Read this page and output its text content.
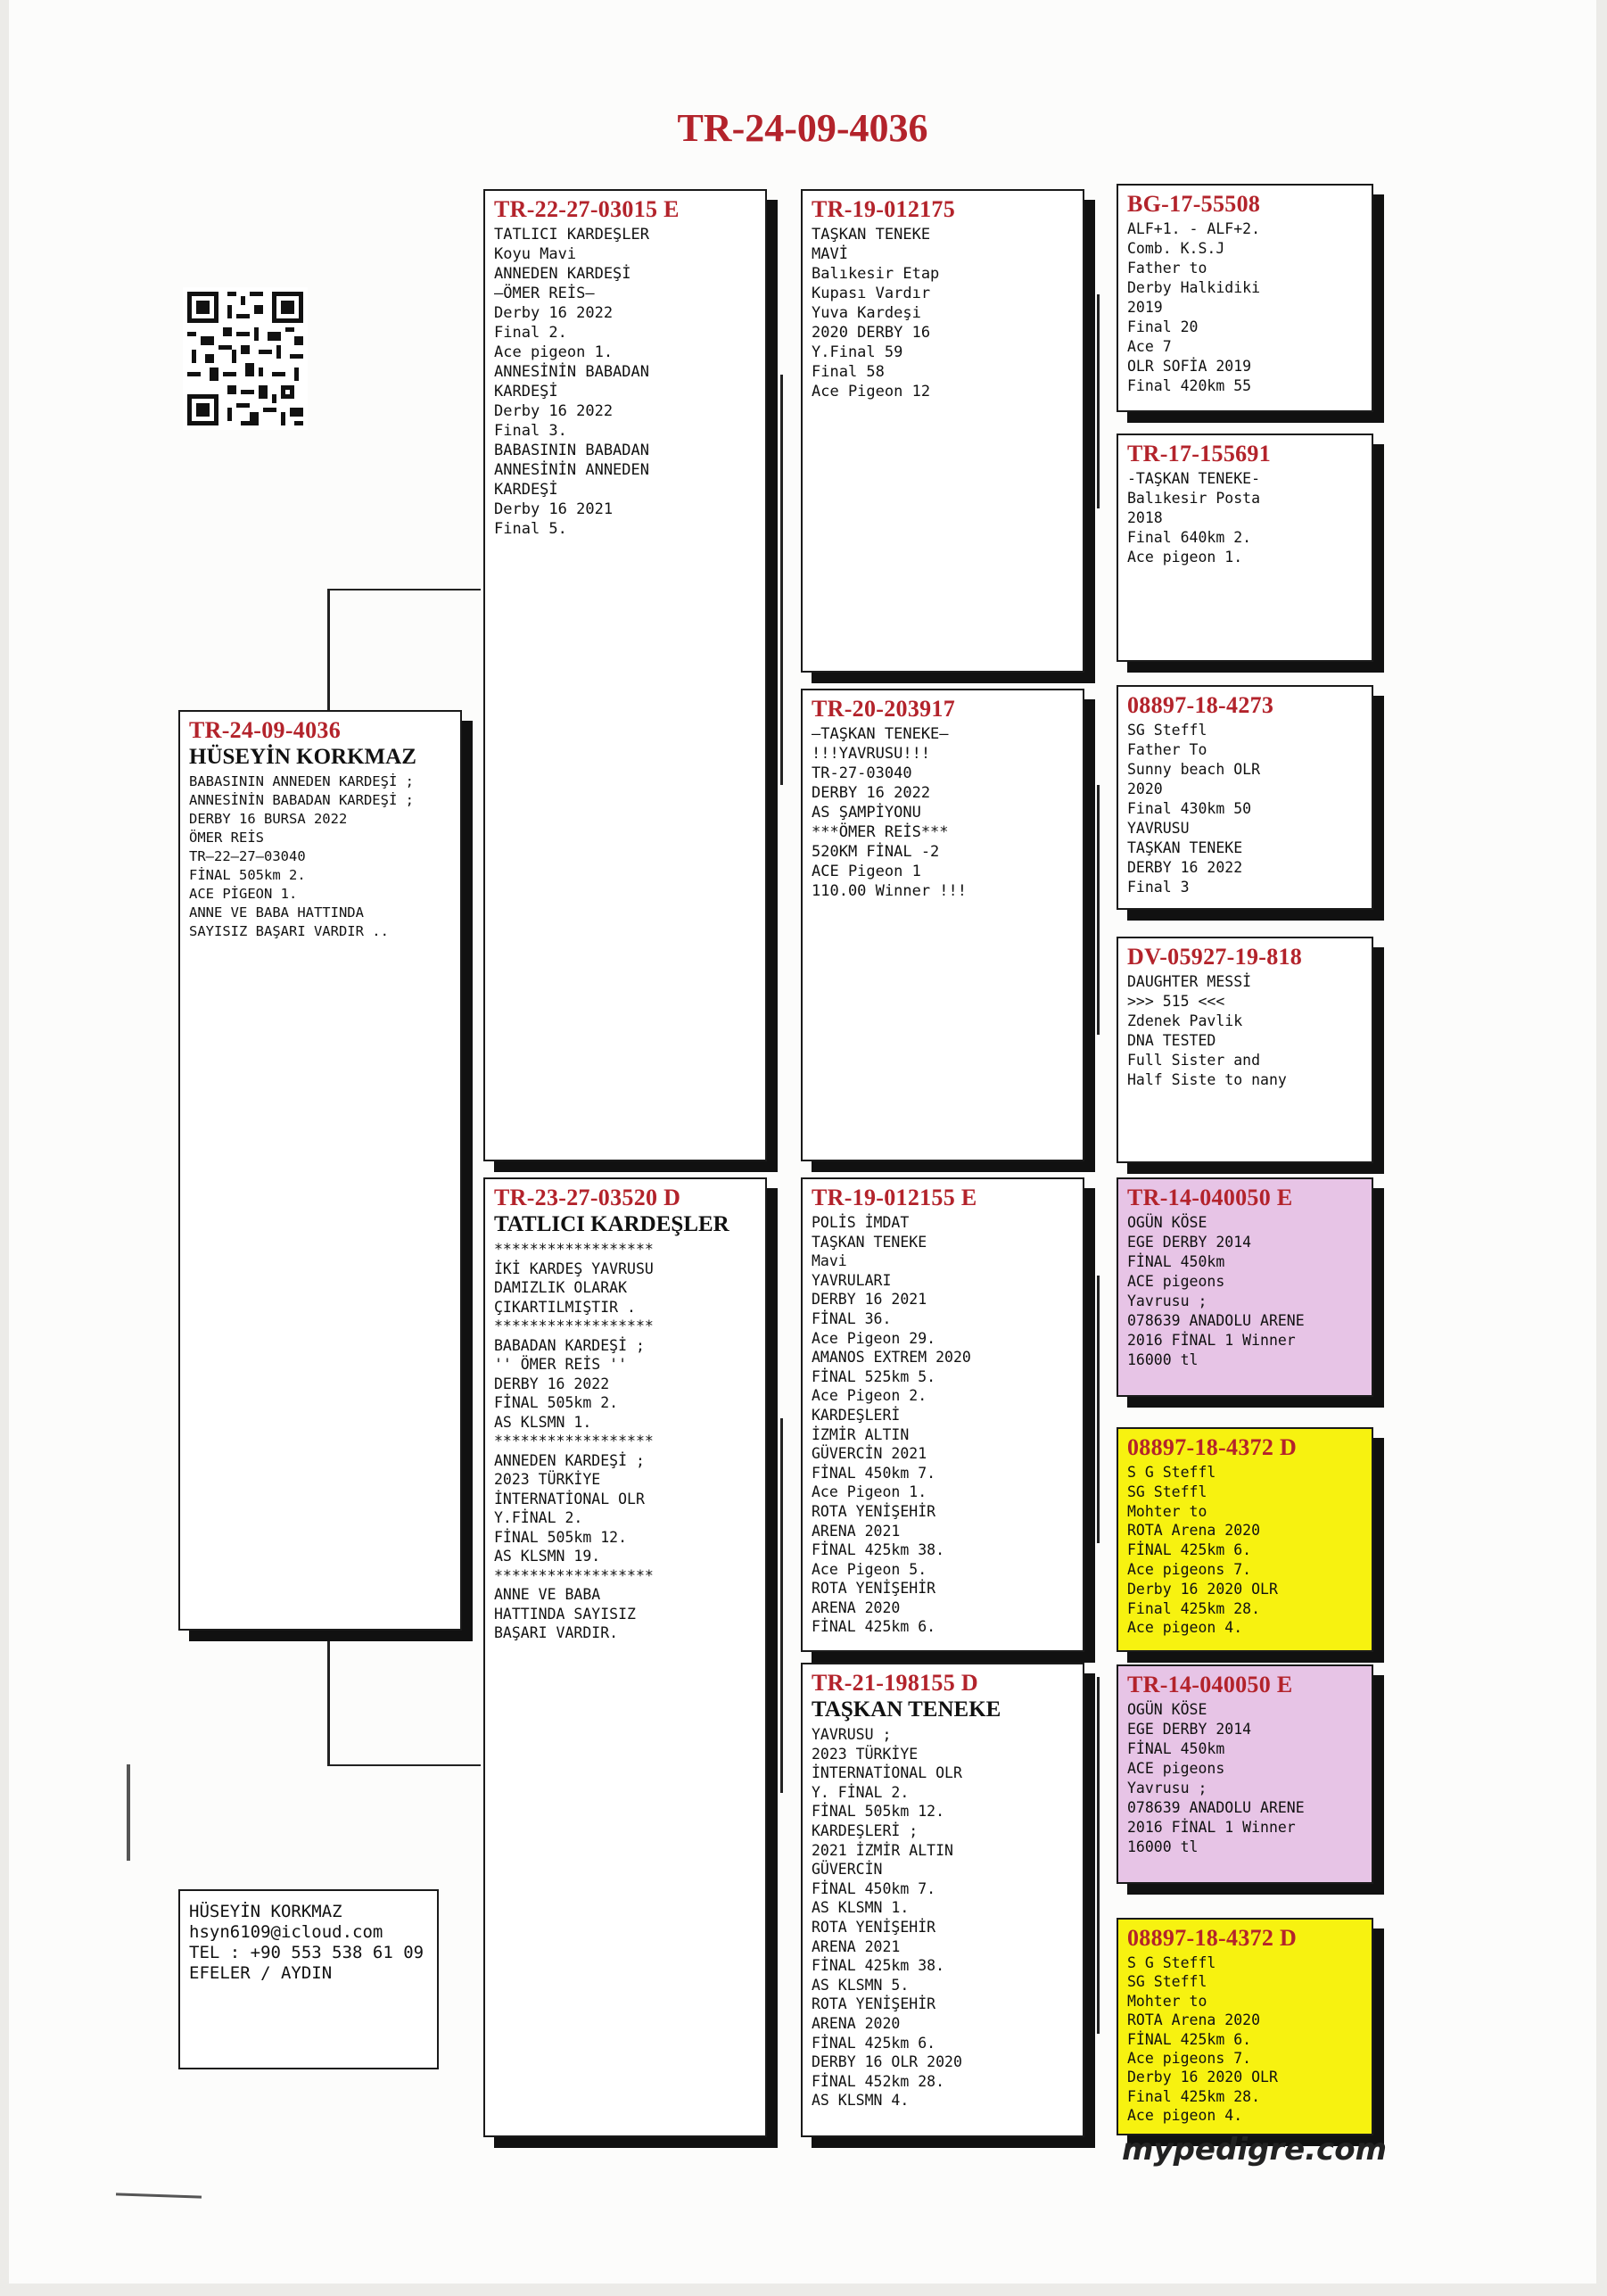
TR-24-09-4036
TR-24-09-4036
HÜSEYİN KORKMAZ
BABASININ ANNEDEN KARDEŞİ ;
ANNESİNİN BABADAN KARDEŞİ ;
DERBY 16 BURSA 2022
ÖMER REİS
TR—22—27—03040
FİNAL 505km 2.
ACE PİGEON 1.
ANNE VE BABA HATTINDA
SAYISIZ BAŞARI VARDIR ..
TR-22-27-03015 E
TATLICI KARDEŞLER
Koyu Mavi
ANNEDEN KARDEŞİ
—ÖMER REİS—
Derby 16 2022
Final 2.
Ace pigeon 1.
ANNESİNİN BABADAN
KARDEŞİ
Derby 16 2022
Final 3.
BABASININ BABADAN
ANNESİNİN ANNEDEN
KARDEŞİ
Derby 16 2021
Final 5.
TR-23-27-03520 D
TATLICI KARDEŞLER
******************
İKİ KARDEŞ YAVRUSU
DAMIZLIK OLARAK
ÇIKARTILMIŞTIR .
******************
BABADAN KARDEŞİ ;
'' ÖMER REİS ''
DERBY 16 2022
FİNAL 505km 2.
AS KLSMN 1.
******************
ANNEDEN KARDEŞİ ;
2023 TÜRKİYE
İNTERNATİONAL OLR
Y.FİNAL 2.
FİNAL 505km 12.
AS KLSMN 19.
******************
ANNE VE BABA
HATTINDA SAYISIZ
BAŞARI VARDIR.
TR-19-012175
TAŞKAN TENEKE
MAVİ
Balıkesir Etap
Kupası Vardır
Yuva Kardeşi
2020 DERBY 16
Y.Final 59
Final 58
Ace Pigeon 12
TR-20-203917
—TAŞKAN TENEKE—
!!!YAVRUSU!!!
TR-27-03040
DERBY 16 2022
AS ŞAMPİYONU
***ÖMER REİS***
520KM FİNAL -2
ACE Pigeon 1
110.00 Winner !!!
TR-19-012155 E
POLİS İMDAT
TAŞKAN TENEKE
Mavi
YAVRULARI
DERBY 16 2021
FİNAL 36.
Ace Pigeon 29.
AMANOS EXTREM 2020
FİNAL 525km 5.
Ace Pigeon 2.
KARDEŞLERİ
İZMİR ALTIN
GÜVERCİN 2021
FİNAL 450km 7.
Ace Pigeon 1.
ROTA YENİŞEHİR
ARENA 2021
FİNAL 425km 38.
Ace Pigeon 5.
ROTA YENİŞEHİR
ARENA 2020
FİNAL 425km 6.
TR-21-198155 D
TAŞKAN TENEKE
YAVRUSU ;
2023 TÜRKİYE
İNTERNATİONAL OLR
Y. FİNAL 2.
FİNAL 505km 12.
KARDEŞLERİ ;
2021 İZMİR ALTIN
GÜVERCİN
FİNAL 450km 7.
AS KLSMN 1.
ROTA YENİŞEHİR
ARENA 2021
FİNAL 425km 38.
AS KLSMN 5.
ROTA YENİŞEHİR
ARENA 2020
FİNAL 425km 6.
DERBY 16 OLR 2020
FİNAL 452km 28.
AS KLSMN 4.
BG-17-55508
ALF+1. - ALF+2.
Comb. K.S.J
Father to
Derby Halkidiki
2019
Final 20
Ace 7
OLR SOFİA 2019
Final 420km 55
TR-17-155691
-TAŞKAN TENEKE-
Balıkesir Posta
2018
Final 640km 2.
Ace pigeon 1.
08897-18-4273
SG Steffl
Father To
Sunny beach OLR
2020
Final 430km 50
YAVRUSU
TAŞKAN TENEKE
DERBY 16 2022
Final 3
DV-05927-19-818
DAUGHTER MESSİ
>>> 515 <<<
Zdenek Pavlik
DNA TESTED
Full Sister and
Half Siste to nany
TR-14-040050 E
OGÜN KÖSE
EGE DERBY 2014
FİNAL 450km
ACE pigeons
Yavrusu ;
078639 ANADOLU ARENE
2016 FİNAL 1 Winner
16000 tl
08897-18-4372 D
S G Steffl
SG Steffl
Mohter to
ROTA Arena 2020
FİNAL 425km 6.
Ace pigeons 7.
Derby 16 2020 OLR
Final 425km 28.
Ace pigeon 4.
TR-14-040050 E
OGÜN KÖSE
EGE DERBY 2014
FİNAL 450km
ACE pigeons
Yavrusu ;
078639 ANADOLU ARENE
2016 FİNAL 1 Winner
16000 tl
08897-18-4372 D
S G Steffl
SG Steffl
Mohter to
ROTA Arena 2020
FİNAL 425km 6.
Ace pigeons 7.
Derby 16 2020 OLR
Final 425km 28.
Ace pigeon 4.
HÜSEYİN KORKMAZ
hsyn6109@icloud.com
TEL : +90 553 538 61 09
EFELER / AYDIN
mypedigre.com
